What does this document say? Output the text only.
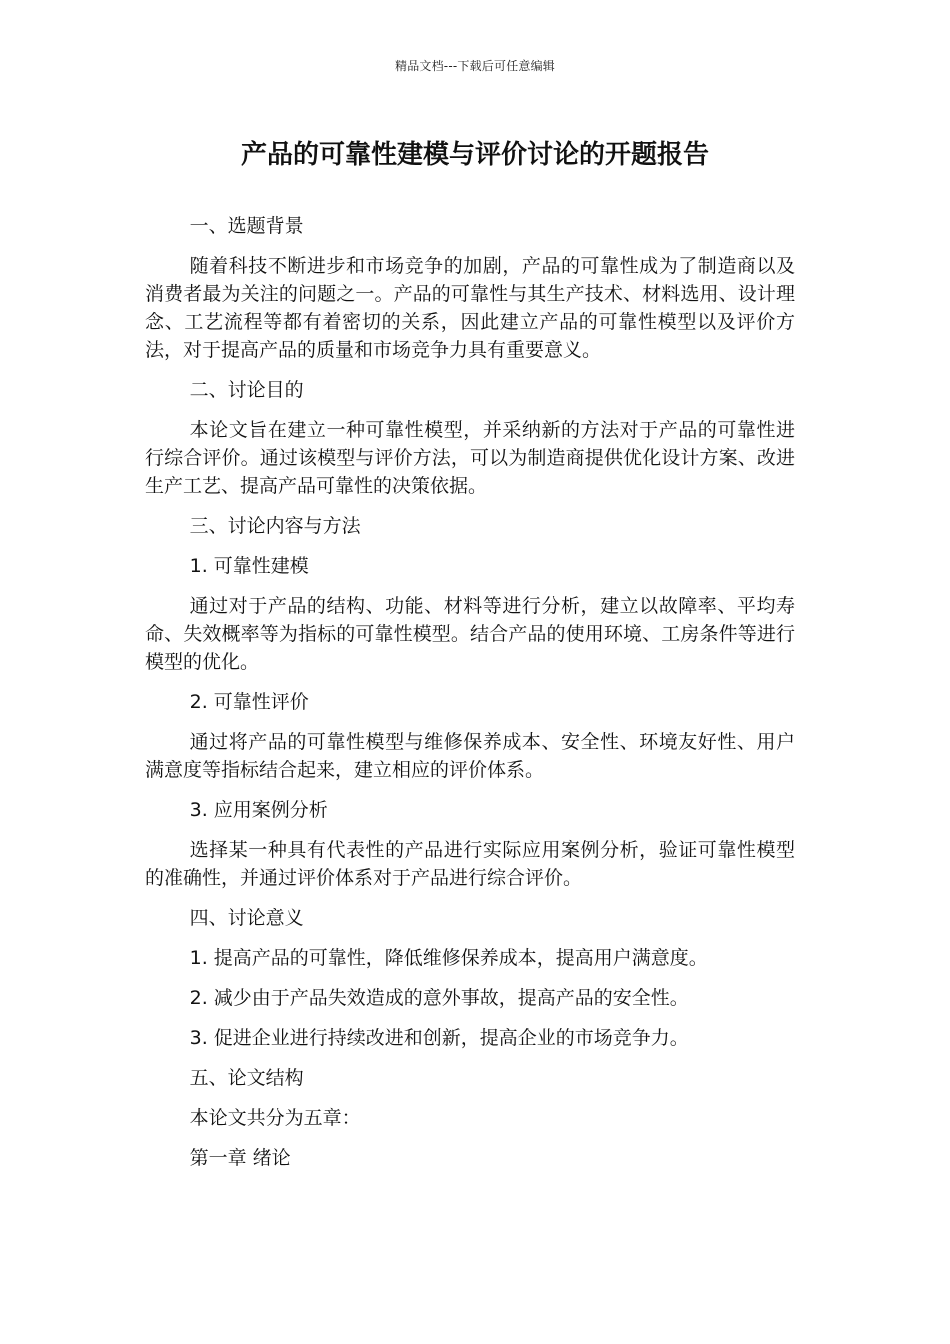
精品文档---下载后可任意编辑
产品的可靠性建模与评价讨论的开题报告

一、选题背景

随着科技不断进步和市场竞争的加剧，产品的可靠性成为了制造商以及消费者最为关注的问题之一。产品的可靠性与其生产技术、材料选用、设计理念、工艺流程等都有着密切的关系，因此建立产品的可靠性模型以及评价方法，对于提高产品的质量和市场竞争力具有重要意义。

二、讨论目的

本论文旨在建立一种可靠性模型，并采纳新的方法对于产品的可靠性进行综合评价。通过该模型与评价方法，可以为制造商提供优化设计方案、改进生产工艺、提高产品可靠性的决策依据。

三、讨论内容与方法

1. 可靠性建模

通过对于产品的结构、功能、材料等进行分析，建立以故障率、平均寿命、失效概率等为指标的可靠性模型。结合产品的使用环境、工房条件等进行模型的优化。

2. 可靠性评价

通过将产品的可靠性模型与维修保养成本、安全性、环境友好性、用户满意度等指标结合起来，建立相应的评价体系。

3. 应用案例分析

选择某一种具有代表性的产品进行实际应用案例分析，验证可靠性模型的准确性，并通过评价体系对于产品进行综合评价。

四、讨论意义

1. 提高产品的可靠性，降低维修保养成本，提高用户满意度。

2. 减少由于产品失效造成的意外事故，提高产品的安全性。

3. 促进企业进行持续改进和创新，提高企业的市场竞争力。

五、论文结构

本论文共分为五章：

第一章 绪论
